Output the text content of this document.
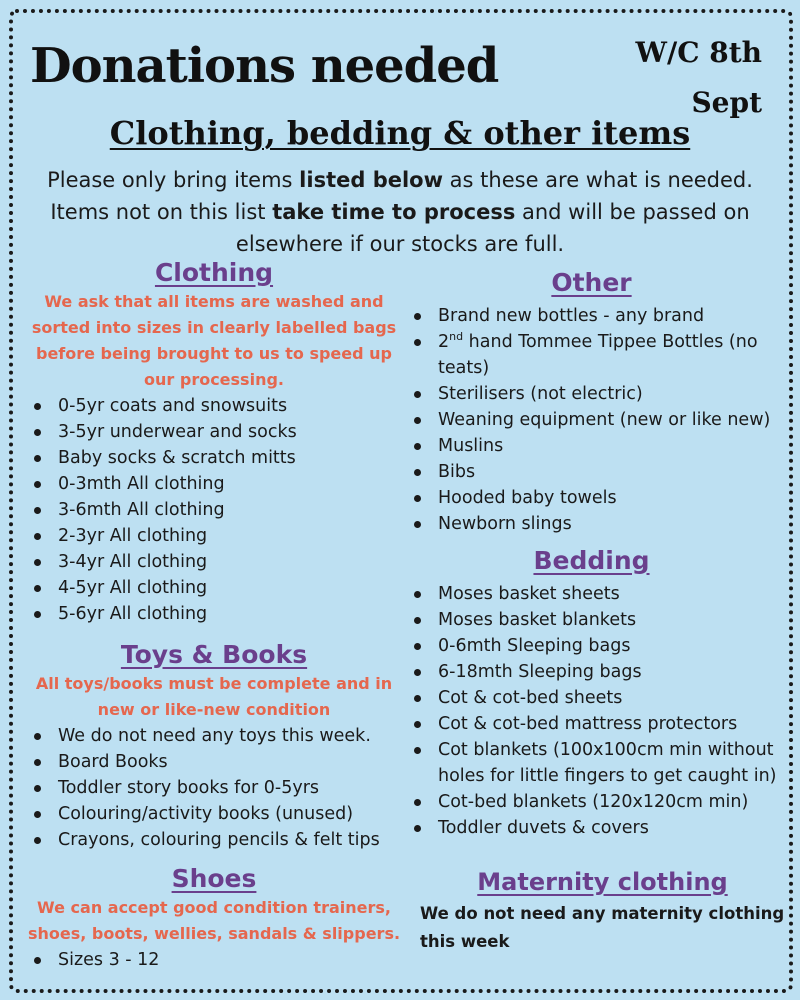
Donations needed	W/C 8th
Sept
Clothing, bedding & other items
Please only bring items listed below as these are what is needed. Items not on this list take time to process and will be passed on elsewhere if our stocks are full.
Clothing

We ask that all items are washed and sorted into sizes in clearly labelled bags before being brought to us to speed up our processing.

0-5yr coats and snowsuits
3-5yr underwear and socks
Baby socks & scratch mitts
0-3mth All clothing
3-6mth All clothing
2-3yr All clothing
3-4yr All clothing
4-5yr All clothing
5-6yr All clothing
Toys & Books

All toys/books must be complete and in new or like-new condition

We do not need any toys this week.
Board Books
Toddler story books for 0-5yrs
Colouring/activity books (unused)
Crayons, colouring pencils & felt tips
Shoes

We can accept good condition trainers, shoes, boots, wellies, sandals & slippers.

Sizes 3 - 12
Other
Brand new bottles - any brand
2nd hand Tommee Tippee Bottles (no teats)
Sterilisers (not electric)
Weaning equipment (new or like new)
Muslins
Bibs
Hooded baby towels
Newborn slings
Bedding
Moses basket sheets
Moses basket blankets
0-6mth Sleeping bags
6-18mth Sleeping bags
Cot & cot-bed sheets
Cot & cot-bed mattress protectors
Cot blankets (100x100cm min without holes for little fingers to get caught in)
Cot-bed blankets (120x120cm min)
Toddler duvets & covers
Maternity clothing

We do not need any maternity clothing this week
